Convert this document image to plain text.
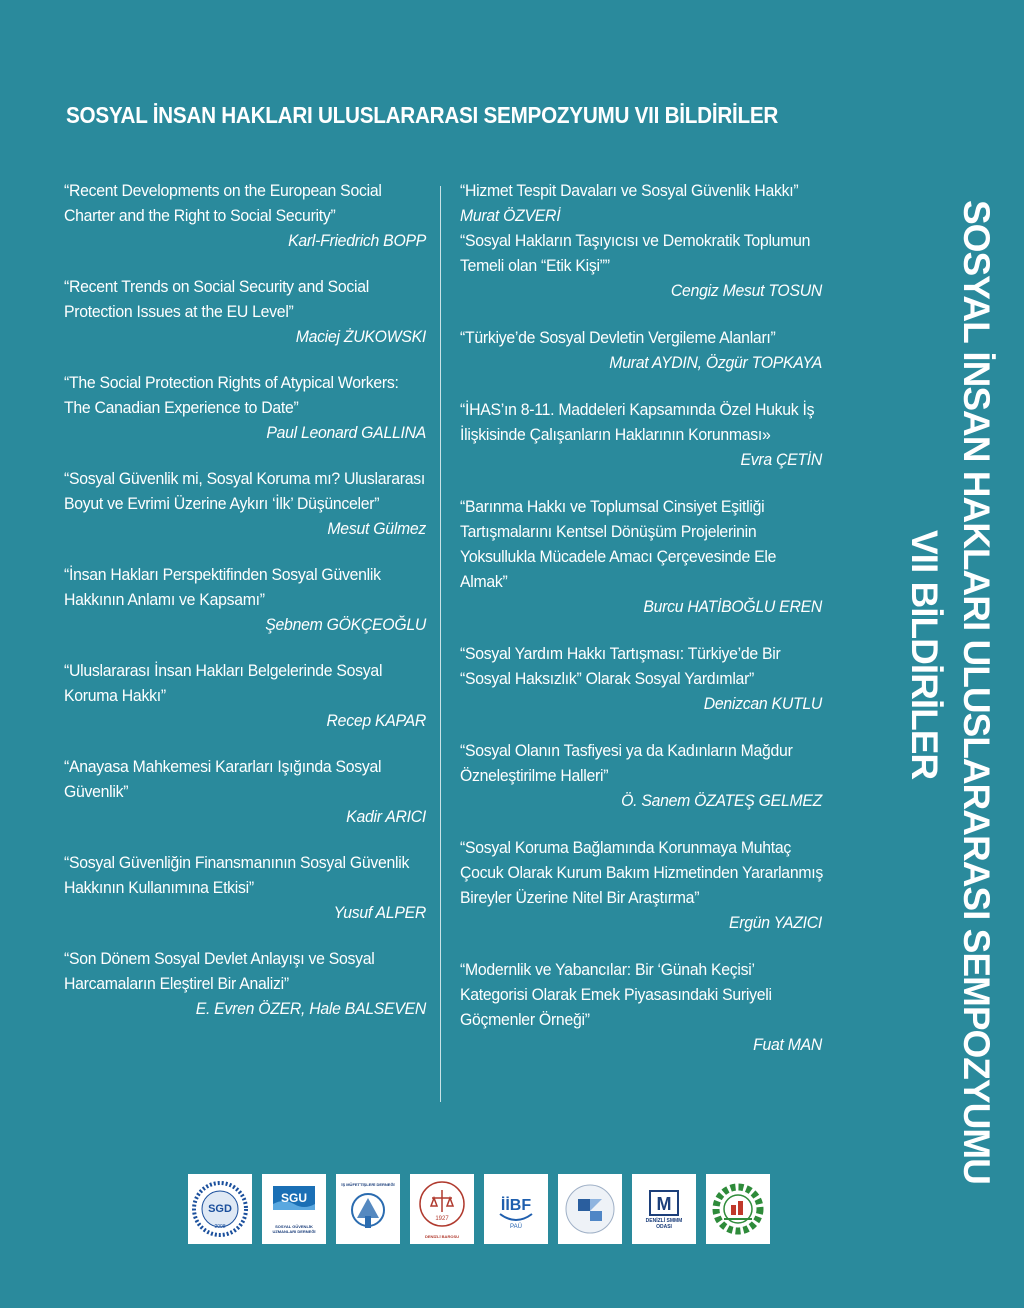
SOSYAL İNSAN HAKLARI ULUSLARARASI SEMPOZYUMU VII BİLDİRİLER
“Recent Developments on the European Social Charter and the Right to Social Security”
Karl-Friedrich BOPP
“Recent Trends on Social Security and Social Protection Issues at the EU Level”
Maciej ŻUKOWSKI
“The Social Protection Rights of Atypical Workers: The Canadian Experience to Date”
Paul Leonard GALLINA
“Sosyal Güvenlik mi, Sosyal Koruma mı? Uluslararası Boyut ve Evrimi Üzerine Aykırı ‘İlk’ Düşünceler”
Mesut Gülmez
“İnsan Hakları Perspektifinden Sosyal Güvenlik Hakkının Anlamı ve Kapsamı”
Şebnem GÖKÇEOĞLU
“Uluslararası İnsan Hakları Belgelerinde Sosyal Koruma Hakkı”
Recep KAPAR
“Anayasa Mahkemesi Kararları Işığında Sosyal Güvenlik”
Kadir ARICI
“Sosyal Güvenliğin Finansmanının Sosyal Güvenlik Hakkının Kullanımına Etkisi”
Yusuf ALPER
“Son Dönem Sosyal Devlet Anlayışı ve Sosyal Harcamaların Eleştirel Bir Analizi”
E. Evren ÖZER, Hale BALSEVEN
“Hizmet Tespit Davaları ve Sosyal Güvenlik Hakkı”
Murat ÖZVERİ
“Sosyal Hakların Taşıyıcısı ve Demokratik Toplumun Temeli olan “Etik Kişi””
Cengiz Mesut TOSUN
“Türkiye’de Sosyal Devletin Vergileme Alanları”
Murat AYDIN, Özgür TOPKAYA
“İHAS’ın 8-11. Maddeleri Kapsamında Özel Hukuk İş İlişkisinde Çalışanların Haklarının Korunması»
Evra ÇETİN
“Barınma Hakkı ve Toplumsal Cinsiyet Eşitliği Tartışmalarını Kentsel Dönüşüm Projelerinin Yoksullukla Mücadele Amacı Çerçevesinde Ele Almak”
Burcu HATİBOĞLU EREN
“Sosyal Yardım Hakkı Tartışması: Türkiye’de Bir “Sosyal Haksızlık” Olarak Sosyal Yardımlar”
Denizcan KUTLU
“Sosyal Olanın Tasfiyesi ya da Kadınların Mağdur Özneleştirilme Halleri”
Ö. Sanem ÖZATEŞ GELMEZ
“Sosyal Koruma Bağlamında Korunmaya Muhtaç Çocuk Olarak Kurum Bakım Hizmetinden Yararlanmış Bireyler Üzerine Nitel Bir Araştırma”
Ergün YAZICI
“Modernlik ve Yabancılar: Bir ‘Günah Keçisi’ Kategorisi Olarak Emek Piyasasındaki Suriyeli Göçmenler Örneği”
Fuat MAN	SOSYAL İNSAN HAKLARI ULUSLARARASI SEMPOZYUMU
VII BİLDİRİLER
SGD
2008
SGU
SOSYAL GÜVENLİK UZMANLARI DERNEĞİ
İŞ MÜFETTİŞLERİ DERNEĞİ
1927
DENİZLİ BAROSU
İİBF
PAÜ
M
DENİZLİ SMMM ODASI
